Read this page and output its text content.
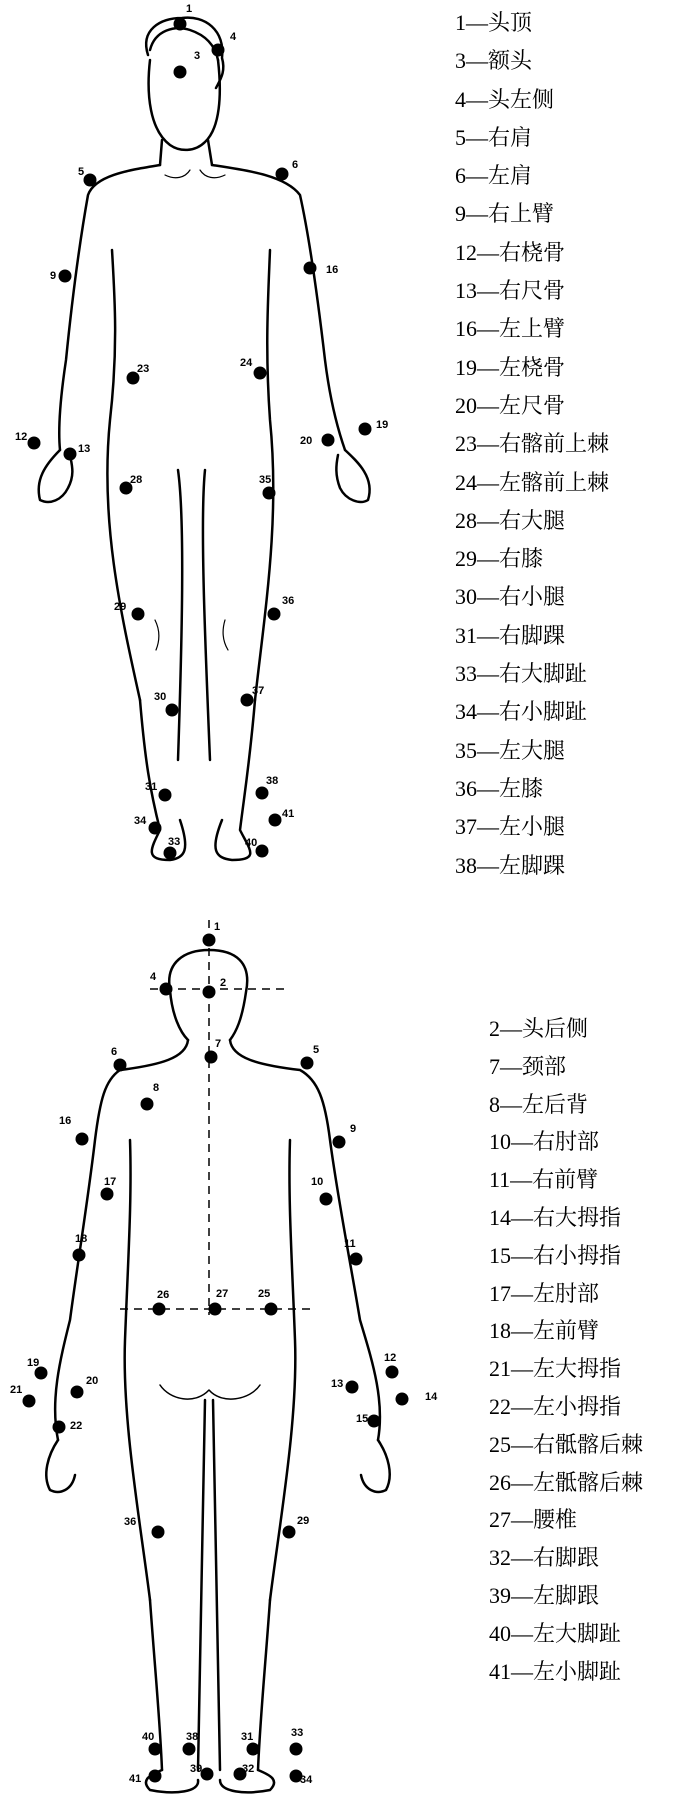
1
3
4
5
6
9	16
23	24
12
13
20
19
28	35
29	36
30	37
31	38
34
41
33	40
1—头顶
3—额头
4—头左侧
5—右肩
6—左肩
9—右上臂
12—右桡骨
13—右尺骨
16—左上臂
19—左桡骨
20—左尺骨
23—右髂前上棘
24—左髂前上棘
28—右大腿
29—右膝
30—右小腿
31—右脚踝
33—右大脚趾
34—右小脚趾
35—左大腿
36—左膝
37—左小腿
38—左脚踝
1
2
4
6	5
7
8
16
9
17	10
18	11
26	27	25
19
21
20
22
12
13
14
15
36	29
40	38	31	33
39	32
41	34
2—头后侧
7—颈部
8—左后背
10—右肘部
11—右前臂
14—右大拇指
15—右小拇指
17—左肘部
18—左前臂
21—左大拇指
22—左小拇指
25—右骶髂后棘
26—左骶髂后棘
27—腰椎
32—右脚跟
39—左脚跟
40—左大脚趾
41—左小脚趾
